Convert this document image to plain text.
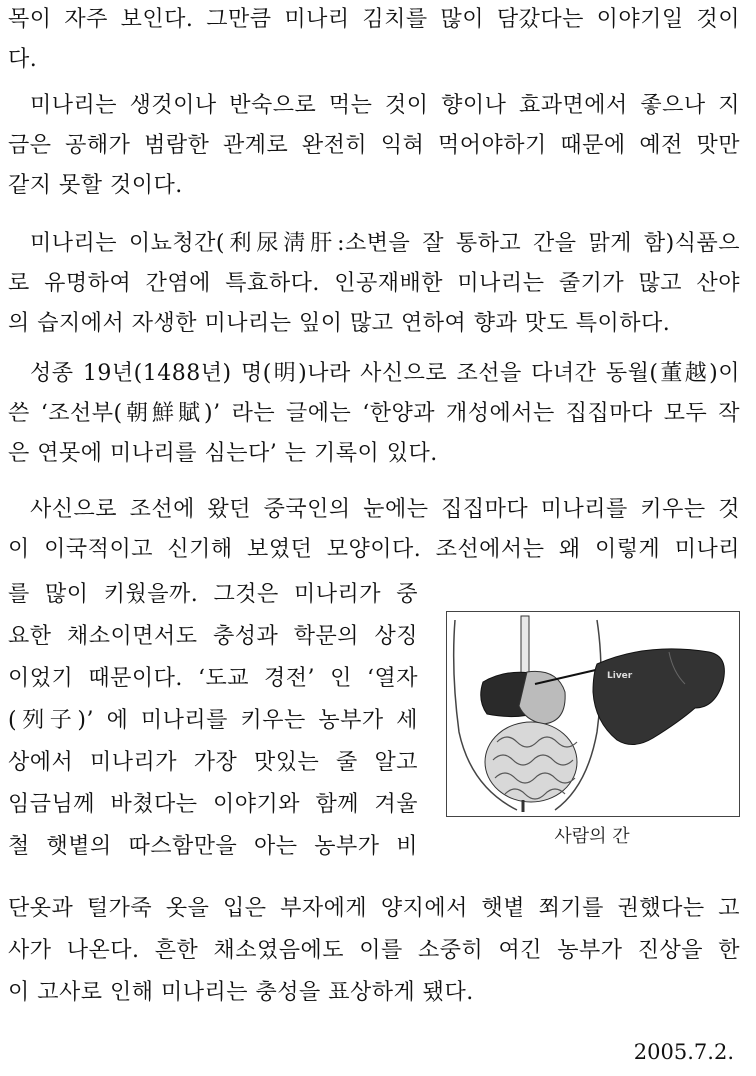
목이 자주 보인다. 그만큼 미나리 김치를 많이 담갔다는 이야기일 것이
다.
미나리는 생것이나 반숙으로 먹는 것이 향이나 효과면에서 좋으나 지
금은 공해가 범람한 관계로 완전히 익혀 먹어야하기 때문에 예전 맛만
같지 못할 것이다.
미나리는 이뇨청간(利尿淸肝:소변을 잘 통하고 간을 맑게 함)식품으
로 유명하여 간염에 특효하다. 인공재배한 미나리는 줄기가 많고 산야
의 습지에서 자생한 미나리는 잎이 많고 연하여 향과 맛도 특이하다.
성종 19년(1488년) 명(明)나라 사신으로 조선을 다녀간 동월(董越)이
쓴 ‘조선부(朝鮮賦)’ 라는 글에는 ‘한양과 개성에서는 집집마다 모두 작
은 연못에 미나리를 심는다’ 는 기록이 있다.
사신으로 조선에 왔던 중국인의 눈에는 집집마다 미나리를 키우는 것
이 이국적이고 신기해 보였던 모양이다. 조선에서는 왜 이렇게 미나리
를 많이 키웠을까. 그것은 미나리가 중
요한 채소이면서도 충성과 학문의 상징
이었기 때문이다. ‘도교 경전’ 인 ‘열자
(列子)’ 에 미나리를 키우는 농부가 세
상에서 미나리가 가장 맛있는 줄 알고
임금님께 바쳤다는 이야기와 함께 겨울
철 햇볕의 따스함만을 아는 농부가 비
Liver
사람의 간
단옷과 털가죽 옷을 입은 부자에게 양지에서 햇볕 쬐기를 권했다는 고
사가 나온다. 흔한 채소였음에도 이를 소중히 여긴 농부가 진상을 한
이 고사로 인해 미나리는 충성을 표상하게 됐다.
2005.7.2.
